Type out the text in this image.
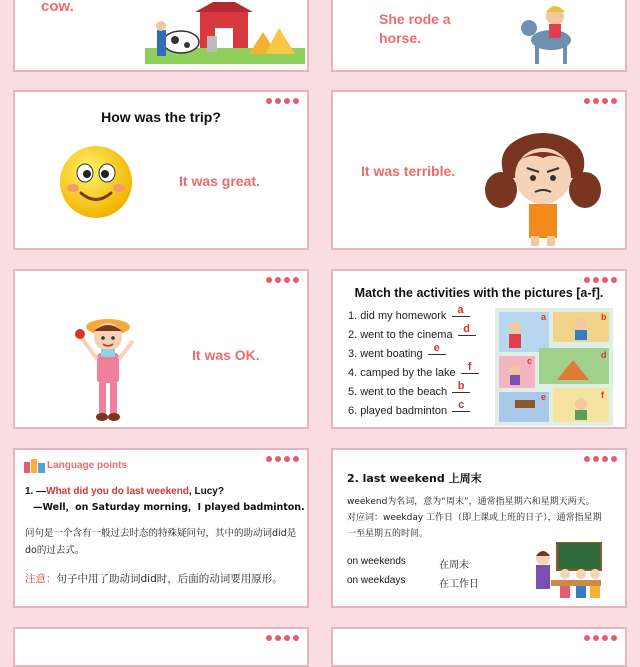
cow.
She rode a
horse.
How was the trip?
It was great.
It was terrible.
It was OK.
Match the activities with the pictures [a-f].
1. did my homework a
2. went to the cinema d
3. went boating e
4. camped by the lake f
5. went to the beach b
6. played badminton c
a	b
c
d
e	f
Language points
1. —What did you do last weekend, Lucy?
—Well，on Saturday morning，I played badminton.
问句是一个含有一般过去时态的特殊疑问句，其中的助动词did是
do的过去式。
注意：句子中用了助动词did时，后面的动词要用原形。
2. last weekend 上周末
weekend为名词，意为“周末”，通常指星期六和星期天两天。
对应词：weekday 工作日（即上课或上班的日子），通常指星期
一至星期五的时间。
on weekends	在周末
on weekdays	在工作日
